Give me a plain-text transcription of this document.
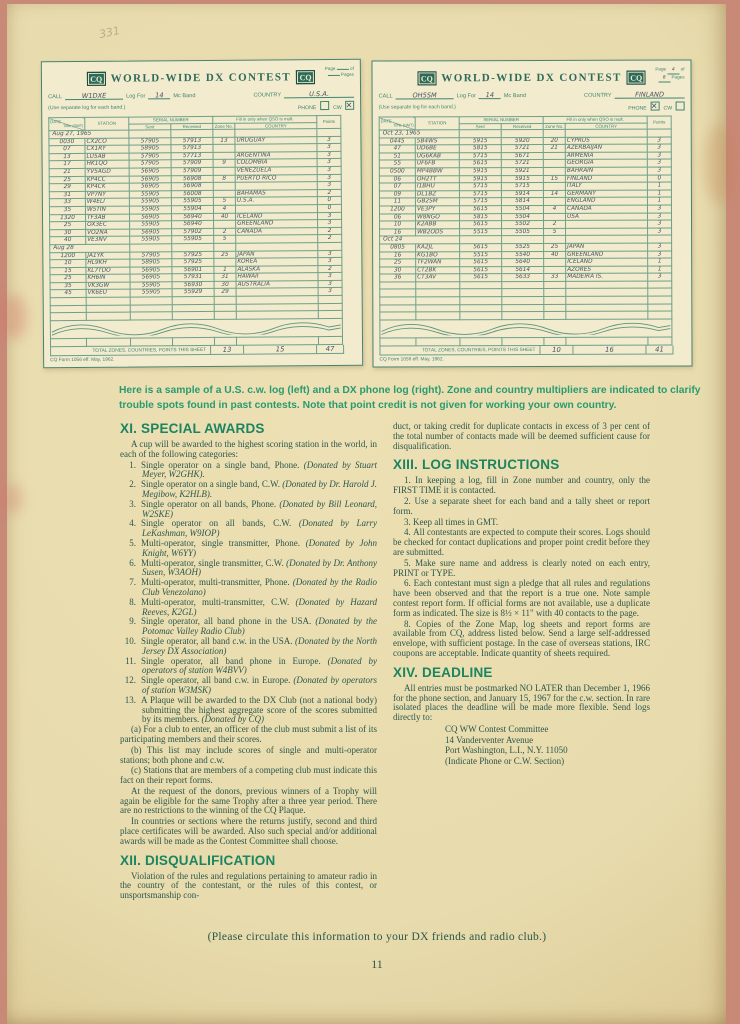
331
CQ WORLD-WIDE DX CONTEST	CQ
Page	of
Pages
CALL	W1DXE	Log For	14	Mc Band	COUNTRY	U.S.A.
(Use separate log for each band.)	PHONE	CW ✕
DATE
Time (GMT)	STATION	SERIAL NUMBER		Fill in only when QSO is mult.		Points
		Sent	Received	Zone No.	COUNTRY	
Aug 27, 1965						
0030	CX2CO	57905	57913	13	URUGUAY	3
07	CX1RY	58905	57913			3
13	LU5AB	57905	57713		ARGENTINA	3
17	HK1QO	57905	57909	9	COLOMBIA	3
21	YV5AGD	56905	57909		VENEZUELA	3
25	KP4CC	56905	56908	8	PUERTO RICO	3
29	KP4CK	56905	56908			3
31	VP7NY	55905	56008		BAHAMAS	2
33	W4ELI	55905	55905	5	U.S.A.	0
35	W5TIN	55905	55904	4		0
1320	TF3AB	56905	56940	40	ICELAND	3
25	OX3EC	55905	56940		GREENLAND	3
30	VO2NA	56905	57902	2	CANADA	2
40	VE3NV	55905	55905	5		2
Aug 28						
1200	JA1YK	57905	57925	25	JAPAN	3
10	HL9KH	58905	57925		KOREA	3
15	KL7TDO	56905	56901	1	ALASKA	2
25	KH6IN	56905	57931	31	HAWAII	3
35	VK3GW	55905	56930	30	AUSTRALIA	3
45	VK6EU	55905	55929	29		3

TOTAL ZONES, COUNTRIES, POINTS THIS SHEET	13	15	47
CQ Form 1056 eff. May, 1962.
CQ WORLD-WIDE DX CONTEST	CQ
Page 4 of
8 Pages
CALL	OH5SM	Log For	14	Mc Band	COUNTRY	FINLAND
(Use separate log for each band.)	PHONE ✕	CW
DATE
Time (GMT)	STATION	SERIAL NUMBER		Fill in only when QSO is mult.		Points
		Sent	Received	Zone No.	COUNTRY	
Oct 23, 1965						
0445	5B4WS	5915	5920	20	CYPRUS	3
47	UD6BE	5815	5721	21	AZERBAIJAN	3
51	UG6KAB	5715	5671		ARMENIA	3
55	UF6FB	5615	5721		GEORGIA	3
0500	MP4BBW	5915	5921		BAHRAIN	3
06	OH2TT	5915	5915	15	FINLAND	0
07	I1BHU	5715	5715		ITALY	1
09	DL1BZ	5715	5914	14	GERMANY	1
11	GB2SM	5715	5814		ENGLAND	1
1200	VE3PY	5615	5504	4	CANADA	3
06	W8NGO	5815	5504		USA	3
10	K2ABB	5615	5502	2		3
16	WB2ODS	5515	5505	5		3
Oct 24						
0805	KA2JL	5615	5525	25	JAPAN	3
16	KG1BO	5515	5540	40	GREENLAND	3
25	TF2WAN	5615	5640		ICELAND	1
30	CT2BK	5615	5614		AZORES	1
36	CT3AV	5615	5633	33	MADEIRA IS.	3

TOTAL ZONES, COUNTRIES, POINTS THIS SHEET	10	16	41
CQ Form 1056 eff. May, 1962.
Here is a sample of a U.S. c.w. log (left) and a DX phone log (right). Zone and country multipliers are indicated to clarify trouble spots found in past contests. Note that point credit is not given for working your own country.
XI. SPECIAL AWARDS

A cup will be awarded to the highest scoring station in the world, in each of the following categories:

1. Single operator on a single band, Phone. (Donated by Stuart Meyer, W2GHK).

2. Single operator on a single band, C.W. (Donated by Dr. Harold J. Megibow, K2HLB).

3. Single operator on all bands, Phone. (Donated by Bill Leonard, W2SKE)

4. Single operator on all bands, C.W. (Donated by Larry LeKashman, W9IOP)

5. Multi-operator, single transmitter, Phone. (Donated by John Knight, W6YY)

6. Multi-operator, single transmitter, C.W. (Donated by Dr. Anthony Susen, W3AOH)

7. Multi-operator, multi-transmitter, Phone. (Donated by the Radio Club Venezolano)

8. Multi-operator, multi-transmitter, C.W. (Donated by Hazard Reeves, K2GL)

9. Single operator, all band phone in the USA. (Donated by the Potomac Valley Radio Club)

10. Single operator, all band c.w. in the USA. (Donated by the North Jersey DX Association)

11. Single operator, all band phone in Europe. (Donated by operators of station W4BVV)

12. Single operator, all band c.w. in Europe. (Donated by operators of station W3MSK)

13. A Plaque will be awarded to the DX Club (not a national body) submitting the highest aggregate score of the scores submitted by its members. (Donated by CQ)

(a) For a club to enter, an officer of the club must submit a list of its participating members and their scores.

(b) This list may include scores of single and multi-operator stations; both phone and c.w.

(c) Stations that are members of a competing club must indicate this fact on their report forms.

At the request of the donors, previous winners of a Trophy will again be eligible for the same Trophy after a three year period. There are no restrictions to the winning of the CQ Plaque.

In countries or sections where the returns justify, second and third place certificates will be awarded. Also such special and/or additional awards will be made as the Contest Committee shall choose.

XII. DISQUALIFICATION

Violation of the rules and regulations pertaining to amateur radio in the country of the contestant, or the rules of this contest, or unsportsmanship con-

duct, or taking credit for duplicate contacts in excess of 3 per cent of the total number of contacts made will be deemed sufficient cause for disqualification.

XIII. LOG INSTRUCTIONS

1. In keeping a log, fill in Zone number and country, only the FIRST TIME it is contacted.

2. Use a separate sheet for each band and a tally sheet or report form.

3. Keep all times in GMT.

4. All contestants are expected to compute their scores. Logs should be checked for contact duplications and proper point credit before they are submitted.

5. Make sure name and address is clearly noted on each entry, PRINT or TYPE.

6. Each contestant must sign a pledge that all rules and regulations have been observed and that the report is a true one. Note sample contest report form. If official forms are not available, use a duplicate form as indicated. The size is 8½ × 11" with 40 contacts to the page.

8. Copies of the Zone Map, log sheets and report forms are available from CQ, address listed below. Send a large self-addressed envelope, with sufficient postage. In the case of overseas stations, IRC coupons are acceptable. Indicate quantity of sheets required.

XIV. DEADLINE

All entries must be postmarked NO LATER than December 1, 1966 for the phone section, and January 15, 1967 for the c.w. section. In rare isolated places the deadline will be made more flexible. Send logs directly to:

CQ WW Contest Committee
14 Vanderventer Avenue
Port Washington, L.I., N.Y. 11050
(Indicate Phone or C.W. Section)
(Please circulate this information to your DX friends and radio club.)
11
